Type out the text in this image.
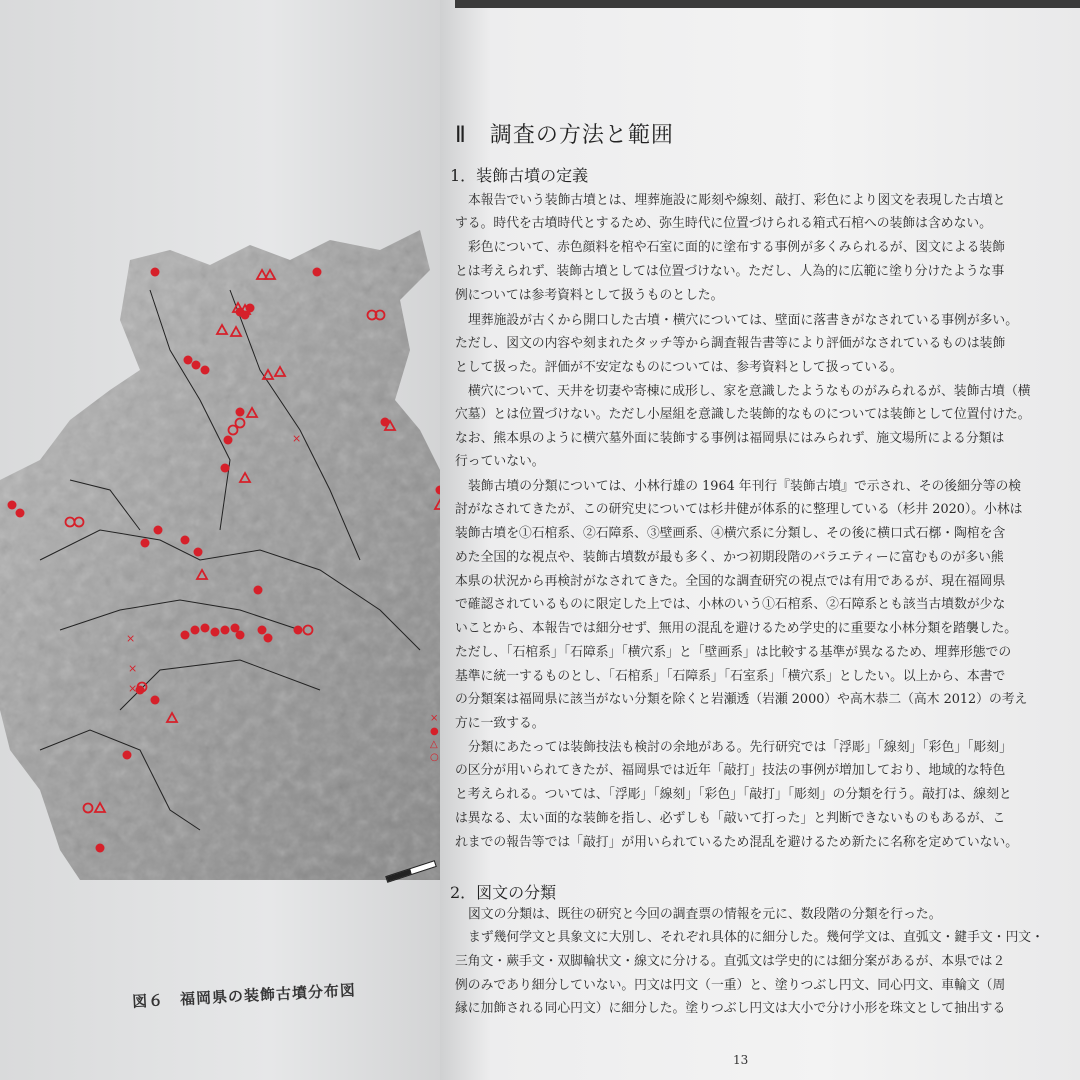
×
×
×
×
×
●
△
○
図６　福岡県の装飾古墳分布図
Ⅱ　調査の方法と範囲
1．装飾古墳の定義
本報告でいう装飾古墳とは、埋葬施設に彫刻や線刻、敲打、彩色により図文を表現した古墳と
する。時代を古墳時代とするため、弥生時代に位置づけられる箱式石棺への装飾は含めない。
彩色について、赤色顔料を棺や石室に面的に塗布する事例が多くみられるが、図文による装飾
とは考えられず、装飾古墳としては位置づけない。ただし、人為的に広範に塗り分けたような事
例については参考資料として扱うものとした。
埋葬施設が古くから開口した古墳・横穴については、壁面に落書きがなされている事例が多い。
ただし、図文の内容や刻まれたタッチ等から調査報告書等により評価がなされているものは装飾
として扱った。評価が不安定なものについては、参考資料として扱っている。
横穴について、天井を切妻や寄棟に成形し、家を意識したようなものがみられるが、装飾古墳（横
穴墓）とは位置づけない。ただし小屋組を意識した装飾的なものについては装飾として位置付けた。
なお、熊本県のように横穴墓外面に装飾する事例は福岡県にはみられず、施文場所による分類は
行っていない。
装飾古墳の分類については、小林行雄の 1964 年刊行『装飾古墳』で示され、その後細分等の検
討がなされてきたが、この研究史については杉井健が体系的に整理している（杉井 2020）。小林は
装飾古墳を①石棺系、②石障系、③壁画系、④横穴系に分類し、その後に横口式石槨・陶棺を含
めた全国的な視点や、装飾古墳数が最も多く、かつ初期段階のバラエティーに富むものが多い熊
本県の状況から再検討がなされてきた。全国的な調査研究の視点では有用であるが、現在福岡県
で確認されているものに限定した上では、小林のいう①石棺系、②石障系とも該当古墳数が少な
いことから、本報告では細分せず、無用の混乱を避けるため学史的に重要な小林分類を踏襲した。
ただし、「石棺系」「石障系」「横穴系」と「壁画系」は比較する基準が異なるため、埋葬形態での
基準に統一するものとし、「石棺系」「石障系」「石室系」「横穴系」としたい。以上から、本書で
の分類案は福岡県に該当がない分類を除くと岩瀬透（岩瀬 2000）や高木恭二（高木 2012）の考え
方に一致する。
分類にあたっては装飾技法も検討の余地がある。先行研究では「浮彫」「線刻」「彩色」「彫刻」
の区分が用いられてきたが、福岡県では近年「敲打」技法の事例が増加しており、地域的な特色
と考えられる。ついては、「浮彫」「線刻」「彩色」「敲打」「彫刻」の分類を行う。敲打は、線刻と
は異なる、太い面的な装飾を指し、必ずしも「敲いて打った」と判断できないものもあるが、こ
れまでの報告等では「敲打」が用いられているため混乱を避けるため新たに名称を定めていない。
2．図文の分類
図文の分類は、既往の研究と今回の調査票の情報を元に、数段階の分類を行った。
まず幾何学文と具象文に大別し、それぞれ具体的に細分した。幾何学文は、直弧文・鍵手文・円文・
三角文・蕨手文・双脚輪状文・線文に分ける。直弧文は学史的には細分案があるが、本県では２
例のみであり細分していない。円文は円文（一重）と、塗りつぶし円文、同心円文、車輪文（周
縁に加飾される同心円文）に細分した。塗りつぶし円文は大小で分け小形を珠文として抽出する
13
